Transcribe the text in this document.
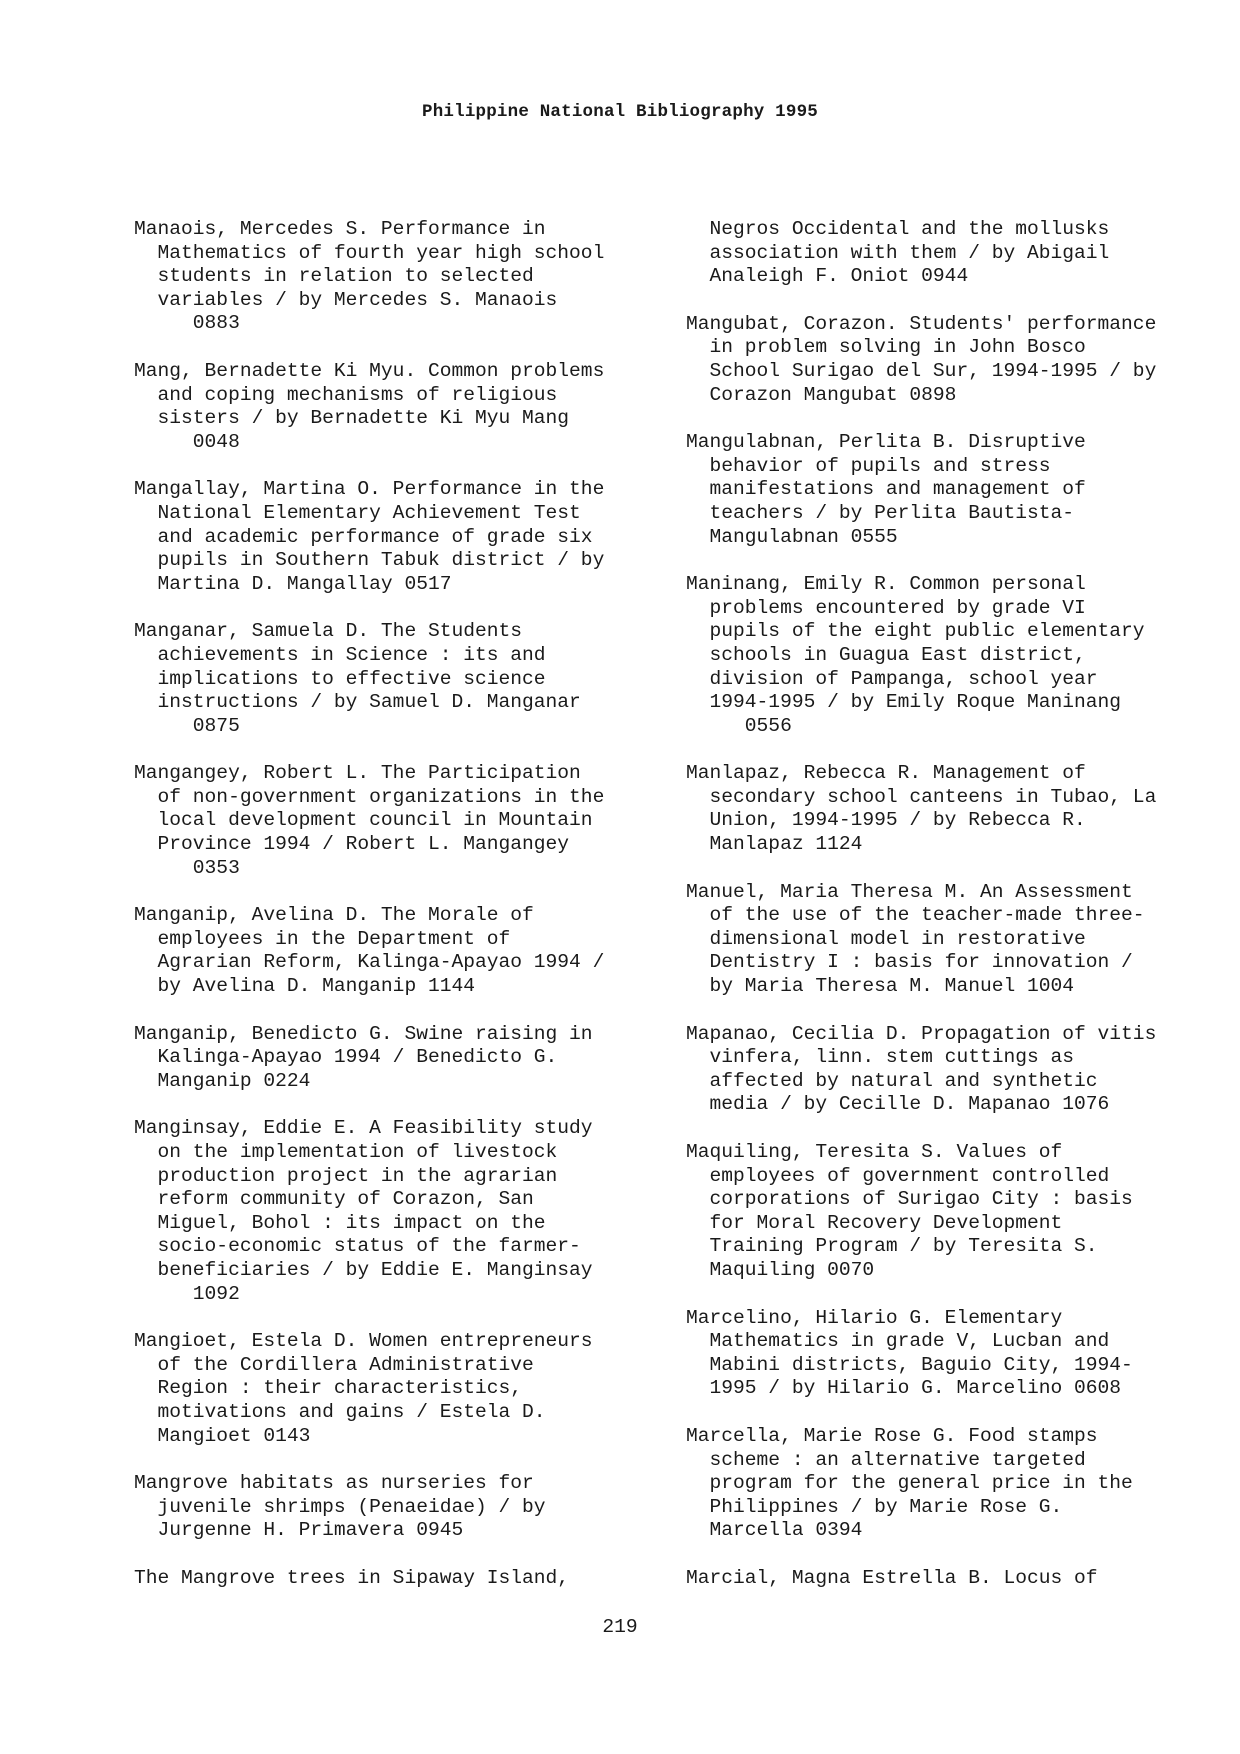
Philippine National Bibliography 1995
Manaois, Mercedes S. Performance in
Mathematics of fourth year high school
students in relation to selected
variables / by Mercedes S. Manaois
0883
Mang, Bernadette Ki Myu. Common problems
and coping mechanisms of religious
sisters / by Bernadette Ki Myu Mang
0048
Mangallay, Martina O. Performance in the
National Elementary Achievement Test
and academic performance of grade six
pupils in Southern Tabuk district / by
Martina D. Mangallay 0517
Manganar, Samuela D. The Students
achievements in Science : its and
implications to effective science
instructions / by Samuel D. Manganar
0875
Mangangey, Robert L. The Participation
of non-government organizations in the
local development council in Mountain
Province 1994 / Robert L. Mangangey
0353
Manganip, Avelina D. The Morale of
employees in the Department of
Agrarian Reform, Kalinga-Apayao 1994 /
by Avelina D. Manganip 1144
Manganip, Benedicto G. Swine raising in
Kalinga-Apayao 1994 / Benedicto G.
Manganip 0224
Manginsay, Eddie E. A Feasibility study
on the implementation of livestock
production project in the agrarian
reform community of Corazon, San
Miguel, Bohol : its impact on the
socio-economic status of the farmer-
beneficiaries / by Eddie E. Manginsay
1092
Mangioet, Estela D. Women entrepreneurs
of the Cordillera Administrative
Region : their characteristics,
motivations and gains / Estela D.
Mangioet 0143
Mangrove habitats as nurseries for
juvenile shrimps (Penaeidae) / by
Jurgenne H. Primavera 0945
The Mangrove trees in Sipaway Island,
Negros Occidental and the mollusks
association with them / by Abigail
Analeigh F. Oniot 0944
Mangubat, Corazon. Students' performance
in problem solving in John Bosco
School Surigao del Sur, 1994-1995 / by
Corazon Mangubat 0898
Mangulabnan, Perlita B. Disruptive
behavior of pupils and stress
manifestations and management of
teachers / by Perlita Bautista-
Mangulabnan 0555
Maninang, Emily R. Common personal
problems encountered by grade VI
pupils of the eight public elementary
schools in Guagua East district,
division of Pampanga, school year
1994-1995 / by Emily Roque Maninang
0556
Manlapaz, Rebecca R. Management of
secondary school canteens in Tubao, La
Union, 1994-1995 / by Rebecca R.
Manlapaz 1124
Manuel, Maria Theresa M. An Assessment
of the use of the teacher-made three-
dimensional model in restorative
Dentistry I : basis for innovation /
by Maria Theresa M. Manuel 1004
Mapanao, Cecilia D. Propagation of vitis
vinfera, linn. stem cuttings as
affected by natural and synthetic
media / by Cecille D. Mapanao 1076
Maquiling, Teresita S. Values of
employees of government controlled
corporations of Surigao City : basis
for Moral Recovery Development
Training Program / by Teresita S.
Maquiling 0070
Marcelino, Hilario G. Elementary
Mathematics in grade V, Lucban and
Mabini districts, Baguio City, 1994-
1995 / by Hilario G. Marcelino 0608
Marcella, Marie Rose G. Food stamps
scheme : an alternative targeted
program for the general price in the
Philippines / by Marie Rose G.
Marcella 0394
Marcial, Magna Estrella B. Locus of
219
